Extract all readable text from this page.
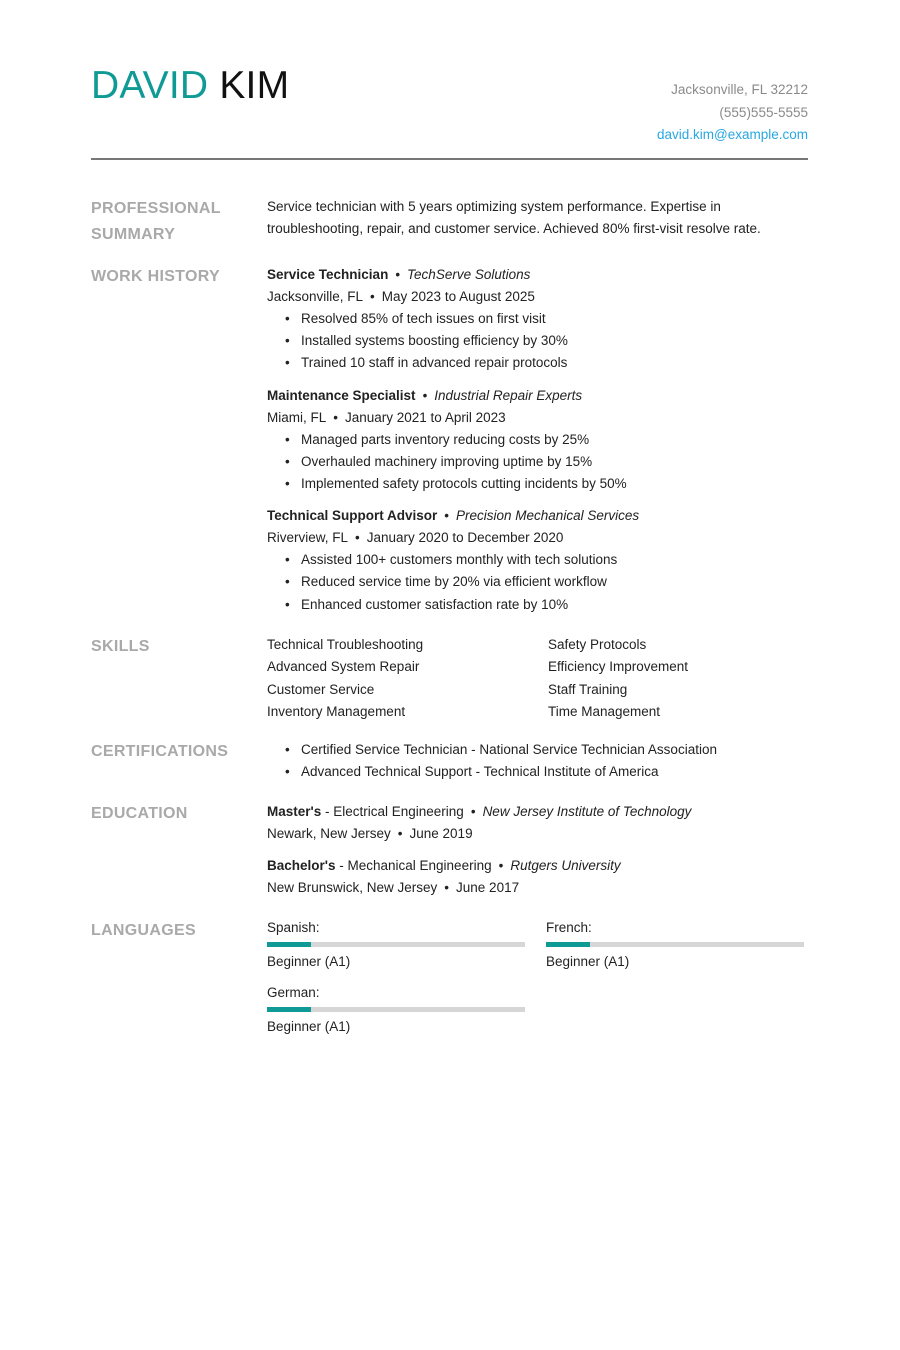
DAVID KIM	Jacksonville, FL 32212
(555)555-5555
david.kim@example.com
PROFESSIONAL
SUMMARY

Service technician with 5 years optimizing system performance. Expertise in troubleshooting, repair, and customer service. Achieved 80% first-visit resolve rate.

WORK HISTORY	Service Technician • TechServe Solutions
Jacksonville, FL • May 2023 to August 2025
• Resolved 85% of tech issues on first visit
• Installed systems boosting efficiency by 30%
• Trained 10 staff in advanced repair protocols
Maintenance Specialist • Industrial Repair Experts
Miami, FL • January 2021 to April 2023
• Managed parts inventory reducing costs by 25%
• Overhauled machinery improving uptime by 15%
• Implemented safety protocols cutting incidents by 50%
Technical Support Advisor • Precision Mechanical Services
Riverview, FL • January 2020 to December 2020
• Assisted 100+ customers monthly with tech solutions
• Reduced service time by 20% via efficient workflow
• Enhanced customer satisfaction rate by 10%
SKILLS	Technical Troubleshooting	Safety Protocols
Advanced System Repair	Efficiency Improvement
Customer Service	Staff Training
Inventory Management	Time Management
CERTIFICATIONS
•	Certified Service Technician - National Service Technician Association
• Advanced Technical Support - Technical Institute of America
EDUCATION	Master's - Electrical Engineering • New Jersey Institute of Technology
Newark, New Jersey • June 2019
Bachelor's - Mechanical Engineering • Rutgers University
New Brunswick, New Jersey • June 2017
LANGUAGES	Spanish:
Beginner (A1)
French:
Beginner (A1)
German:
Beginner (A1)
